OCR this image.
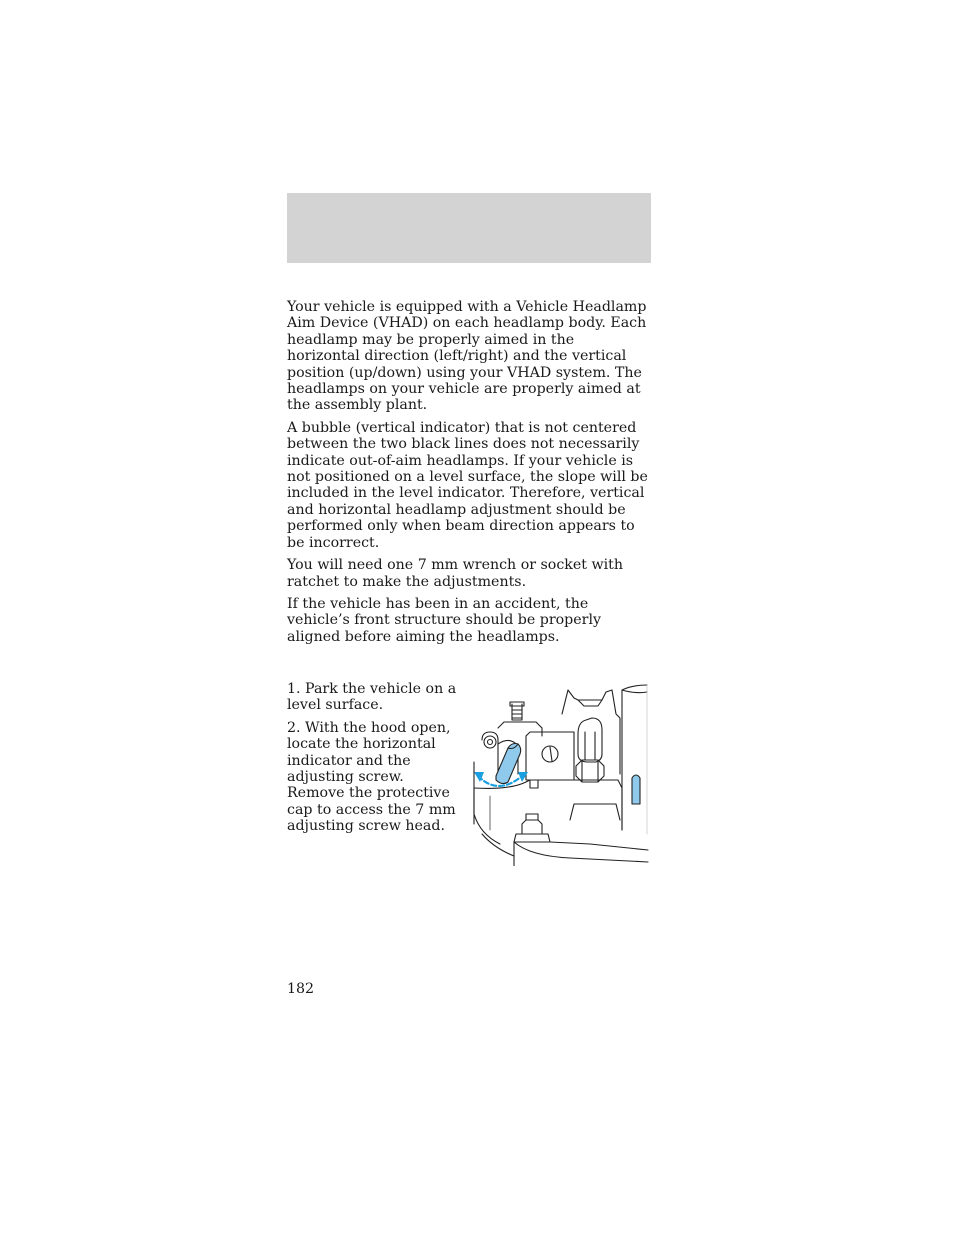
Your vehicle is equipped with a Vehicle Headlamp Aim Device (VHAD) on each headlamp body. Each headlamp may be properly aimed in the horizontal direction (left/right) and the vertical position (up/down) using your VHAD system. The headlamps on your vehicle are properly aimed at the assembly plant.

A bubble (vertical indicator) that is not centered between the two black lines does not necessarily indicate out-of-aim headlamps. If your vehicle is not positioned on a level surface, the slope will be included in the level indicator. Therefore, vertical and horizontal headlamp adjustment should be performed only when beam direction appears to be incorrect.

You will need one 7 mm wrench or socket with ratchet to make the adjustments.

If the vehicle has been in an accident, the vehicle’s front structure should be properly aligned before aiming the headlamps.

1. Park the vehicle on a level surface.

2. With the hood open, locate the horizontal indicator and the adjusting screw. Remove the protective cap to access the 7 mm adjusting screw head.

182
